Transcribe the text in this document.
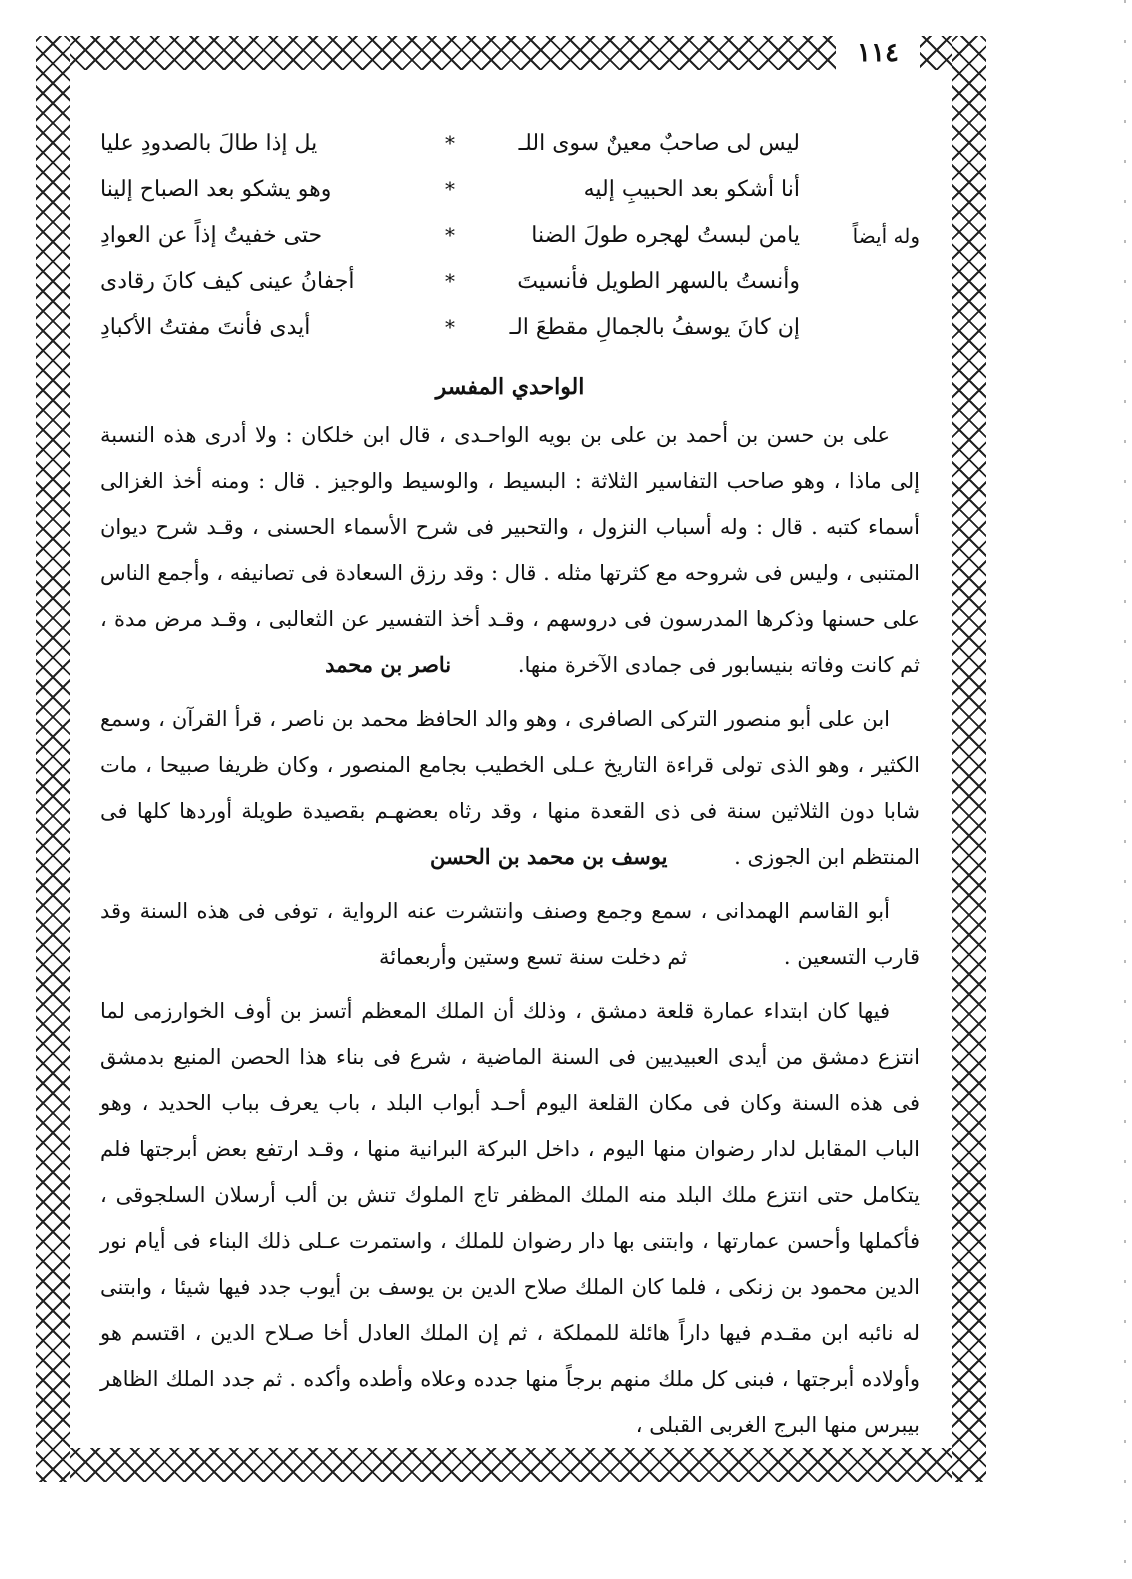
١١٤
وله أيضاً
ليس لى صاحبٌ معينٌ سوى اللـ
*
يل إذا طالَ بالصدودِ عليا
أنا أشكو بعد الحبيبِ إليه
*
وهو يشكو بعد الصباح إلينا
يامن لبستُ لهجره طولَ الضنا
*
حتى خفيتُ إذاً عن العوادِ
وأنستُ بالسهر الطويل فأنسيتَ
*
أجفانُ عينى كيف كانَ رقادى
إن كانَ يوسفُ بالجمالِ مقطعَ الـ
*
أيدى فأنتَ مفتتُ الأكبادِ
الواحدي المفسر

على بن حسن بن أحمد بن على بن بويه الواحـدى ، قال ابن خلكان : ولا أدرى هذه النسبة إلى ماذا ، وهو صاحب التفاسير الثلاثة : البسيط ، والوسيط والوجيز . قال : ومنه أخذ الغزالى أسماء كتبه . قال : وله أسباب النزول ، والتحبير فى شرح الأسماء الحسنى ، وقـد شرح ديوان المتنبى ، وليس فى شروحه مع كثرتها مثله . قال : وقد رزق السعادة فى تصانيفه ، وأجمع الناس على حسنها وذكرها المدرسون فى دروسهم ، وقـد أخذ التفسير عن الثعالبى ، وقـد مرض مدة ، ثم كانت وفاته بنيسابور فى جمادى الآخرة منها. ناصر بن محمد

ابن على أبو منصور التركى الصافرى ، وهو والد الحافظ محمد بن ناصر ، قرأ القرآن ، وسمع الكثير ، وهو الذى تولى قراءة التاريخ عـلى الخطيب بجامع المنصور ، وكان ظريفا صبيحا ، مات شابا دون الثلاثين سنة فى ذى القعدة منها ، وقد رثاه بعضهـم بقصيدة طويلة أوردها كلها فى المنتظم ابن الجوزى . يوسف بن محمد بن الحسن

أبو القاسم الهمدانى ، سمع وجمع وصنف وانتشرت عنه الرواية ، توفى فى هذه السنة وقد قارب التسعين . ثم دخلت سنة تسع وستين وأربعمائة

فيها كان ابتداء عمارة قلعة دمشق ، وذلك أن الملك المعظم أتسز بن أوف الخوارزمى لما انتزع دمشق من أيدى العبيديين فى السنة الماضية ، شرع فى بناء هذا الحصن المنيع بدمشق فى هذه السنة وكان فى مكان القلعة اليوم أحـد أبواب البلد ، باب يعرف بباب الحديد ، وهو الباب المقابل لدار رضوان منها اليوم ، داخل البركة البرانية منها ، وقـد ارتفع بعض أبرجتها فلم يتكامل حتى انتزع ملك البلد منه الملك المظفر تاج الملوك تنش بن ألب أرسلان السلجوقى ، فأكملها وأحسن عمارتها ، وابتنى بها دار رضوان للملك ، واستمرت عـلى ذلك البناء فى أيام نور الدين محمود بن زنكى ، فلما كان الملك صلاح الدين بن يوسف بن أيوب جدد فيها شيئا ، وابتنى له نائبه ابن مقـدم فيها داراً هائلة للمملكة ، ثم إن الملك العادل أخا صـلاح الدين ، اقتسم هو وأولاده أبرجتها ، فبنى كل ملك منهم برجاً منها جدده وعلاه وأطده وأكده . ثم جدد الملك الظاهر بيبرس منها البرج الغربى القبلى ،
